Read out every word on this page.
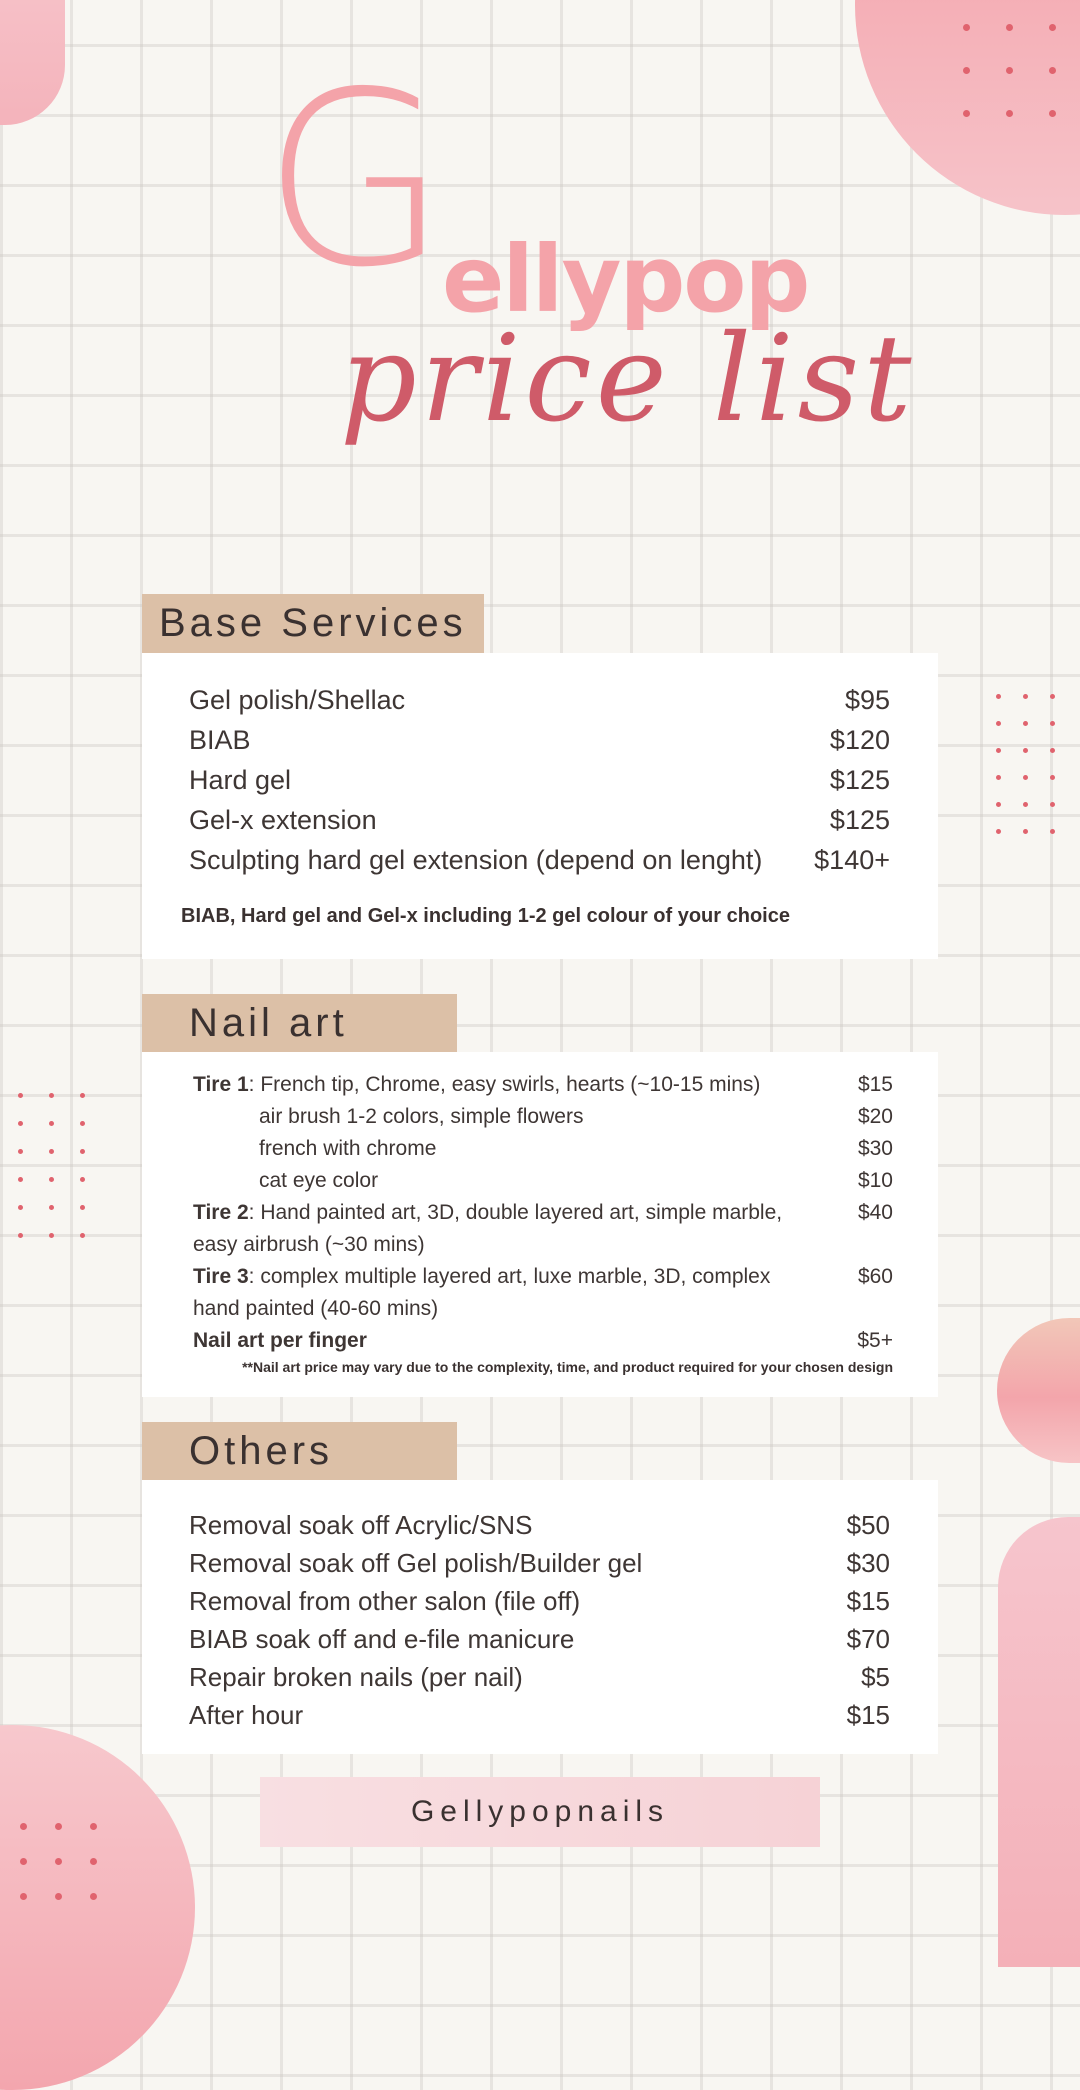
G ellypop
price list
Base Services
Gel polish/Shellac	$95
BIAB	$120
Hard gel	$125
Gel-x extension	$125
Sculpting hard gel extension (depend on lenght) $140+
BIAB, Hard gel and Gel-x including 1-2 gel colour of your choice
Nail art
Tire 1: French tip, Chrome, easy swirls, hearts (~10-15 mins)	$15
air brush 1-2 colors, simple flowers	$20
french with chrome	$30
cat eye color	$10
Tire 2: Hand painted art, 3D, double layered art, simple marble,	$40
easy airbrush (~30 mins)
Tire 3: complex multiple layered art, luxe marble, 3D, complex	$60
hand painted (40-60 mins)
Nail art per finger	$5+
**Nail art price may vary due to the complexity, time, and product required for your chosen design
Others
Removal soak off Acrylic/SNS	$50
Removal soak off Gel polish/Builder gel	$30
Removal from other salon (file off)	$15
BIAB soak off and e-file manicure	$70
Repair broken nails (per nail)	$5
After hour	$15
Gellypopnails
